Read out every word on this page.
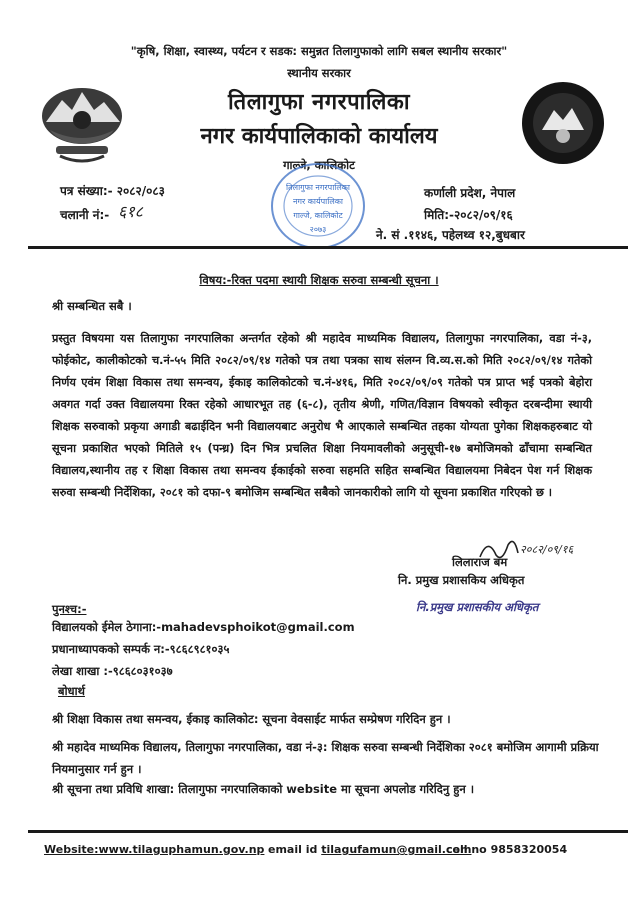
"कृषि, शिक्षा, स्वास्थ्य, पर्यटन र सडक: समुन्नत तिलागुफाको लागि सबल स्थानीय सरकार"
स्थानीय सरकार
तिलागुफा नगरपालिका
नगर कार्यपालिकाको कार्यालय
गाल्जे, कालिकोट
पत्र संख्या:- २०८२/०८३
चलानी नं:- ६१८
कर्णाली प्रदेश, नेपाल
मिति:-२०८२/०९/१६
ने. सं .११४६, पहेलथ्व १२,बुधबार
तिलागुफा नगरपालिका
नगर कार्यपालिका
गाल्जे, कालिकोट
२०७३
विषय:-रिक्त पदमा स्थायी शिक्षक सरुवा सम्बन्धी सूचना ।
श्री सम्बन्धित सबै ।
प्रस्तुत विषयमा यस तिलागुफा नगरपालिका अन्तर्गत रहेको श्री महादेव माध्यमिक विद्यालय, तिलागुफा नगरपालिका, वडा नं-३, फोईकोट, कालीकोटको च.नं-५५ मिति २०८२/०९/१४ गतेको पत्र तथा पत्रका साथ संलग्न वि.व्य.स.को मिति २०८२/०९/१४ गतेको निर्णय एवंम शिक्षा विकास तथा समन्वय, ईकाइ कालिकोटको च.नं-४१६, मिति २०८२/०९/०९ गतेको पत्र प्राप्त भई पत्रको बेहोरा अवगत गर्दा उक्त विद्यालयमा रिक्त रहेको आधारभूत तह (६-८), तृतीय श्रेणी, गणित/विज्ञान विषयको स्वीकृत दरबन्दीमा स्थायी शिक्षक सरुवाको प्रकृया अगाडी बढाईदिन भनी विद्यालयबाट अनुरोध भै आएकाले सम्बन्धित तहका योग्यता पुगेका शिक्षकहरुबाट यो सूचना प्रकाशित भएको मितिले १५ (पन्ध्र) दिन भित्र प्रचलित शिक्षा नियमावलीको अनुसूची-१७ बमोजिमको ढाँचामा सम्बन्धित विद्यालय,स्थानीय तह र शिक्षा विकास तथा समन्वय ईकाईको सरुवा सहमति सहित सम्बन्धित विद्यालयमा निबेदन पेश गर्न शिक्षक सरुवा सम्बन्धी निर्देशिका, २०८१ को दफा-९ बमोजिम सम्बन्धित सबैको जानकारीको लागि यो सूचना प्रकाशित गरिएको छ ।
२०८२/०९/१६
लिलाराज बम
नि. प्रमुख प्रशासकिय अधिकृत
नि.प्रमुख प्रशासकीय अधिकृत
पुनश्च:-
विद्यालयको ईमेल ठेगाना:-mahadevsphoikot@gmail.com
प्रधानाध्यापकको सम्पर्क न:-९८६८९८१०३५
लेखा शाखा :-९८६८०३१०३७
बोधार्थ
श्री शिक्षा विकास तथा समन्वय, ईकाइ कालिकोट: सूचना वेवसाईट मार्फत सम्प्रेषण गरिदिन हुन ।
श्री महादेव माध्यमिक विद्यालय, तिलागुफा नगरपालिका, वडा नं-३: शिक्षक सरुवा सम्बन्धी निर्देशिका २०८१ बमोजिम आगामी प्रक्रिया नियमानुसार गर्न हुन ।
श्री सूचना तथा प्रविधि शाखा: तिलागुफा नगरपालिकाको website मा सूचना अपलोड गरिदिनु हुन ।
Website:www.tilaguphamun.gov.np email id tilagufamun@gmail.com
cell no 9858320054
